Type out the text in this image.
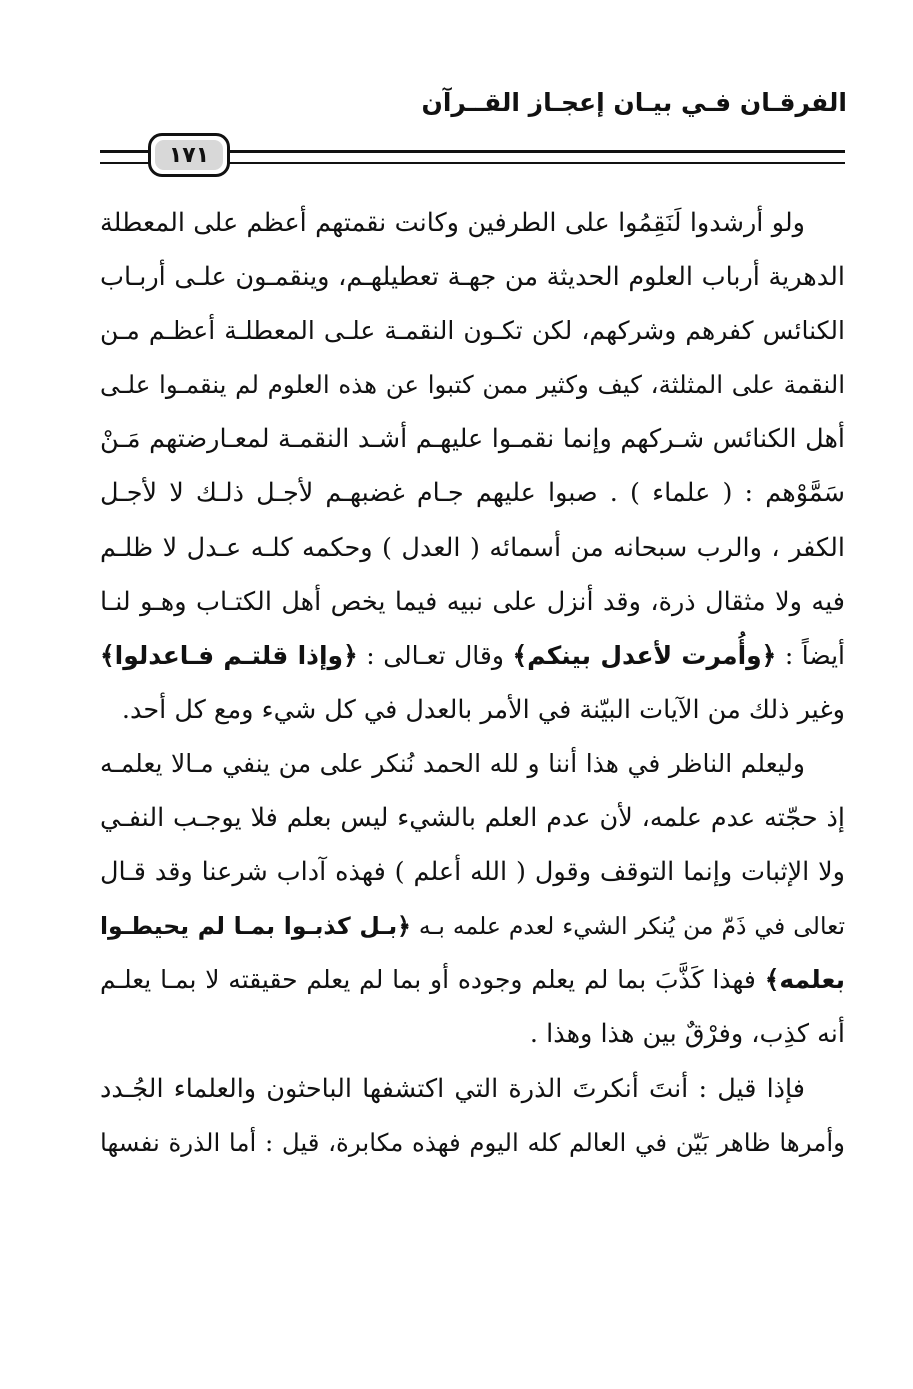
الفرقـان فـي بيـان إعجـاز القــرآن
١٧١
ولو أرشدوا لَنَقِمُوا على الطرفين وكانت نقمتهم أعظم على المعطلة
الدهرية أرباب العلوم الحديثة من جهـة تعطيلهـم، وينقمـون علـى أربـاب
الكنائس كفرهم وشركهم، لكن تكـون النقمـة علـى المعطلـة أعظـم مـن
النقمة على المثلثة، كيف وكثير ممن كتبوا عن هذه العلوم لم ينقمـوا علـى
أهل الكنائس شـركهم وإنما نقمـوا عليهـم أشـد النقمـة لمعـارضتهم مَـنْ
سَمَّوْهم : ( علماء ) . صبوا عليهم جـام غضبهـم لأجـل ذلـك لا لأجـل
الكفر ، والرب سبحانه من أسمائه ( العدل ) وحكمه كلـه عـدل لا ظلـم
فيه ولا مثقال ذرة، وقد أنزل على نبيه فيما يخص أهل الكتـاب وهـو لنـا
أيضاً : ﴿وأُمرت لأعدل بينكم﴾ وقال تعـالى : ﴿وإذا قلتـم فـاعدلوا﴾
وغير ذلك من الآيات البيّنة في الأمر بالعدل في كل شيء ومع كل أحد.
وليعلم الناظر في هذا أننا و لله الحمد نُنكر على من ينفي مـالا يعلمـه
إذ حجّته عدم علمه، لأن عدم العلم بالشيء ليس بعلم فلا يوجـب النفـي
ولا الإثبات وإنما التوقف وقول ( الله أعلم ) فهذه آداب شرعنا وقد قـال
تعالى في ذَمّ من يُنكر الشيء لعدم علمه بـه ﴿بـل كذبـوا بمـا لم يحيطـوا
بعلمه﴾ فهذا كَذَّبَ بما لم يعلم وجوده أو بما لم يعلم حقيقته لا بمـا يعلـم
أنه كذِب، وفرْقٌ بين هذا وهذا .
فإذا قيل : أنتَ أنكرتَ الذرة التي اكتشفها الباحثون والعلماء الجُـدد
وأمرها ظاهر بَيّن في العالم كله اليوم فهذه مكابرة، قيل : أما الذرة نفسها
